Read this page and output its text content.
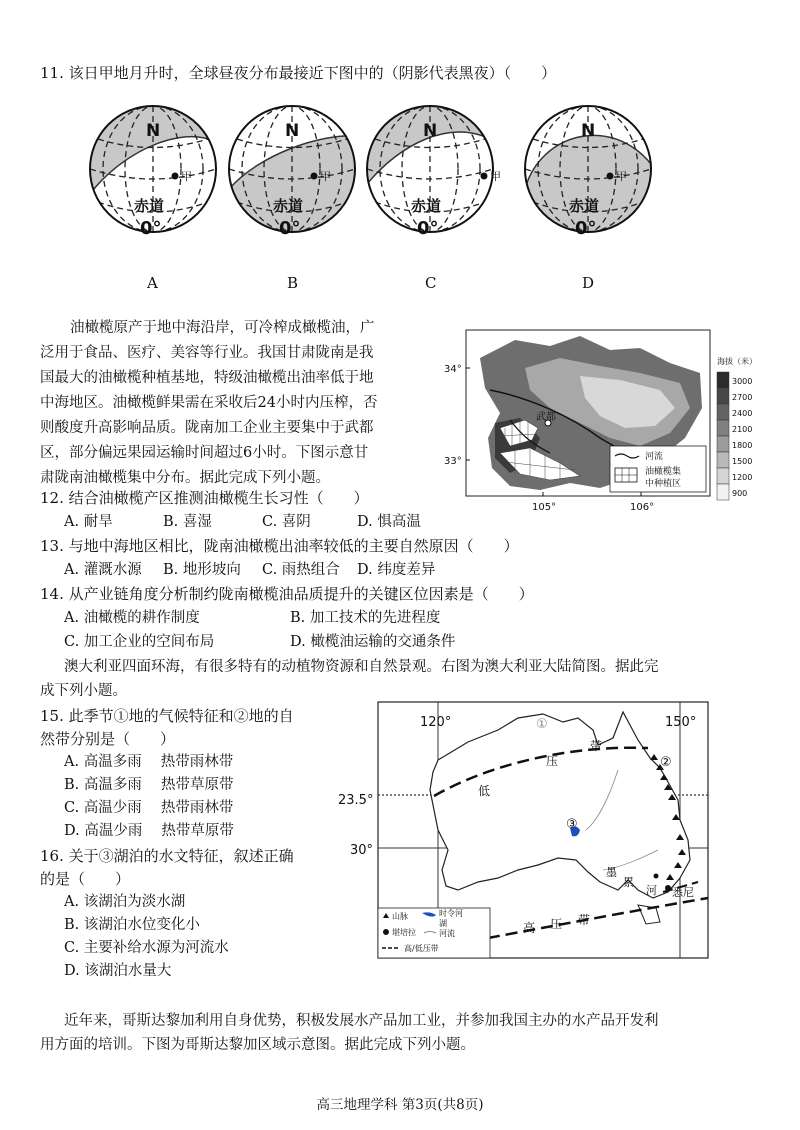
11. 该日甲地月升时，全球昼夜分布最接近下图中的（阴影代表黑夜）（　　）
N	N	N	N
甲	甲	甲	甲
赤道	赤道	赤道	赤道
0°	0°	0°	0°
A	B	C	D
油橄榄原产于地中海沿岸，可冷榨成橄榄油，广
泛用于食品、医疗、美容等行业。我国甘肃陇南是我
国最大的油橄榄种植基地，特级油橄榄出油率低于地
中海地区。油橄榄鲜果需在采收后24小时内压榨，否
则酸度升高影响品质。陇南加工企业主要集中于武都
区，部分偏远果园运输时间超过6小时。下图示意甘
肃陇南油橄榄集中分布。据此完成下列小题。
武都
34°
33°
105°	106°
河流
油橄榄集
中种植区
海拔（米）
3000
2700
2400
2100
1800
1500
1200
900
12. 结合油橄榄产区推测油橄榄生长习性（　　）
A. 耐旱	B. 喜湿	C. 喜阴	D. 惧高温
13. 与地中海地区相比，陇南油橄榄出油率较低的主要自然原因（　　）
A. 灌溉水源 B. 地形坡向 C. 雨热组合 D. 纬度差异
14. 从产业链角度分析制约陇南橄榄油品质提升的关键区位因素是（　　）
A. 油橄榄的耕作制度	B. 加工技术的先进程度
C. 加工企业的空间布局	D. 橄榄油运输的交通条件
澳大利亚四面环海，有很多特有的动植物资源和自然景观。右图为澳大利亚大陆简图。据此完
成下列小题。
15. 此季节①地的气候特征和②地的自
然带分别是（　　）
A. 高温多雨　 热带雨林带
B. 高温多雨　 热带草原带
C. 高温少雨　 热带雨林带
D. 高温少雨　 热带草原带
16. 关于③湖泊的水文特征，叙述正确
的是（　　）
A. 该湖泊为淡水湖
B. 该湖泊水位变化小
C. 主要补给水源为河流水
D. 该湖泊水量大
120°	150°
23.5°
30°
①
②
③
低
压
带
高 压 带
墨
累
河 悉尼
山脉	时令河
湖
堪培拉	河流
高/低压带
近年来，哥斯达黎加利用自身优势，积极发展水产品加工业，并参加我国主办的水产品开发利
用方面的培训。下图为哥斯达黎加区域示意图。据此完成下列小题。
高三地理学科 第3页(共8页)
